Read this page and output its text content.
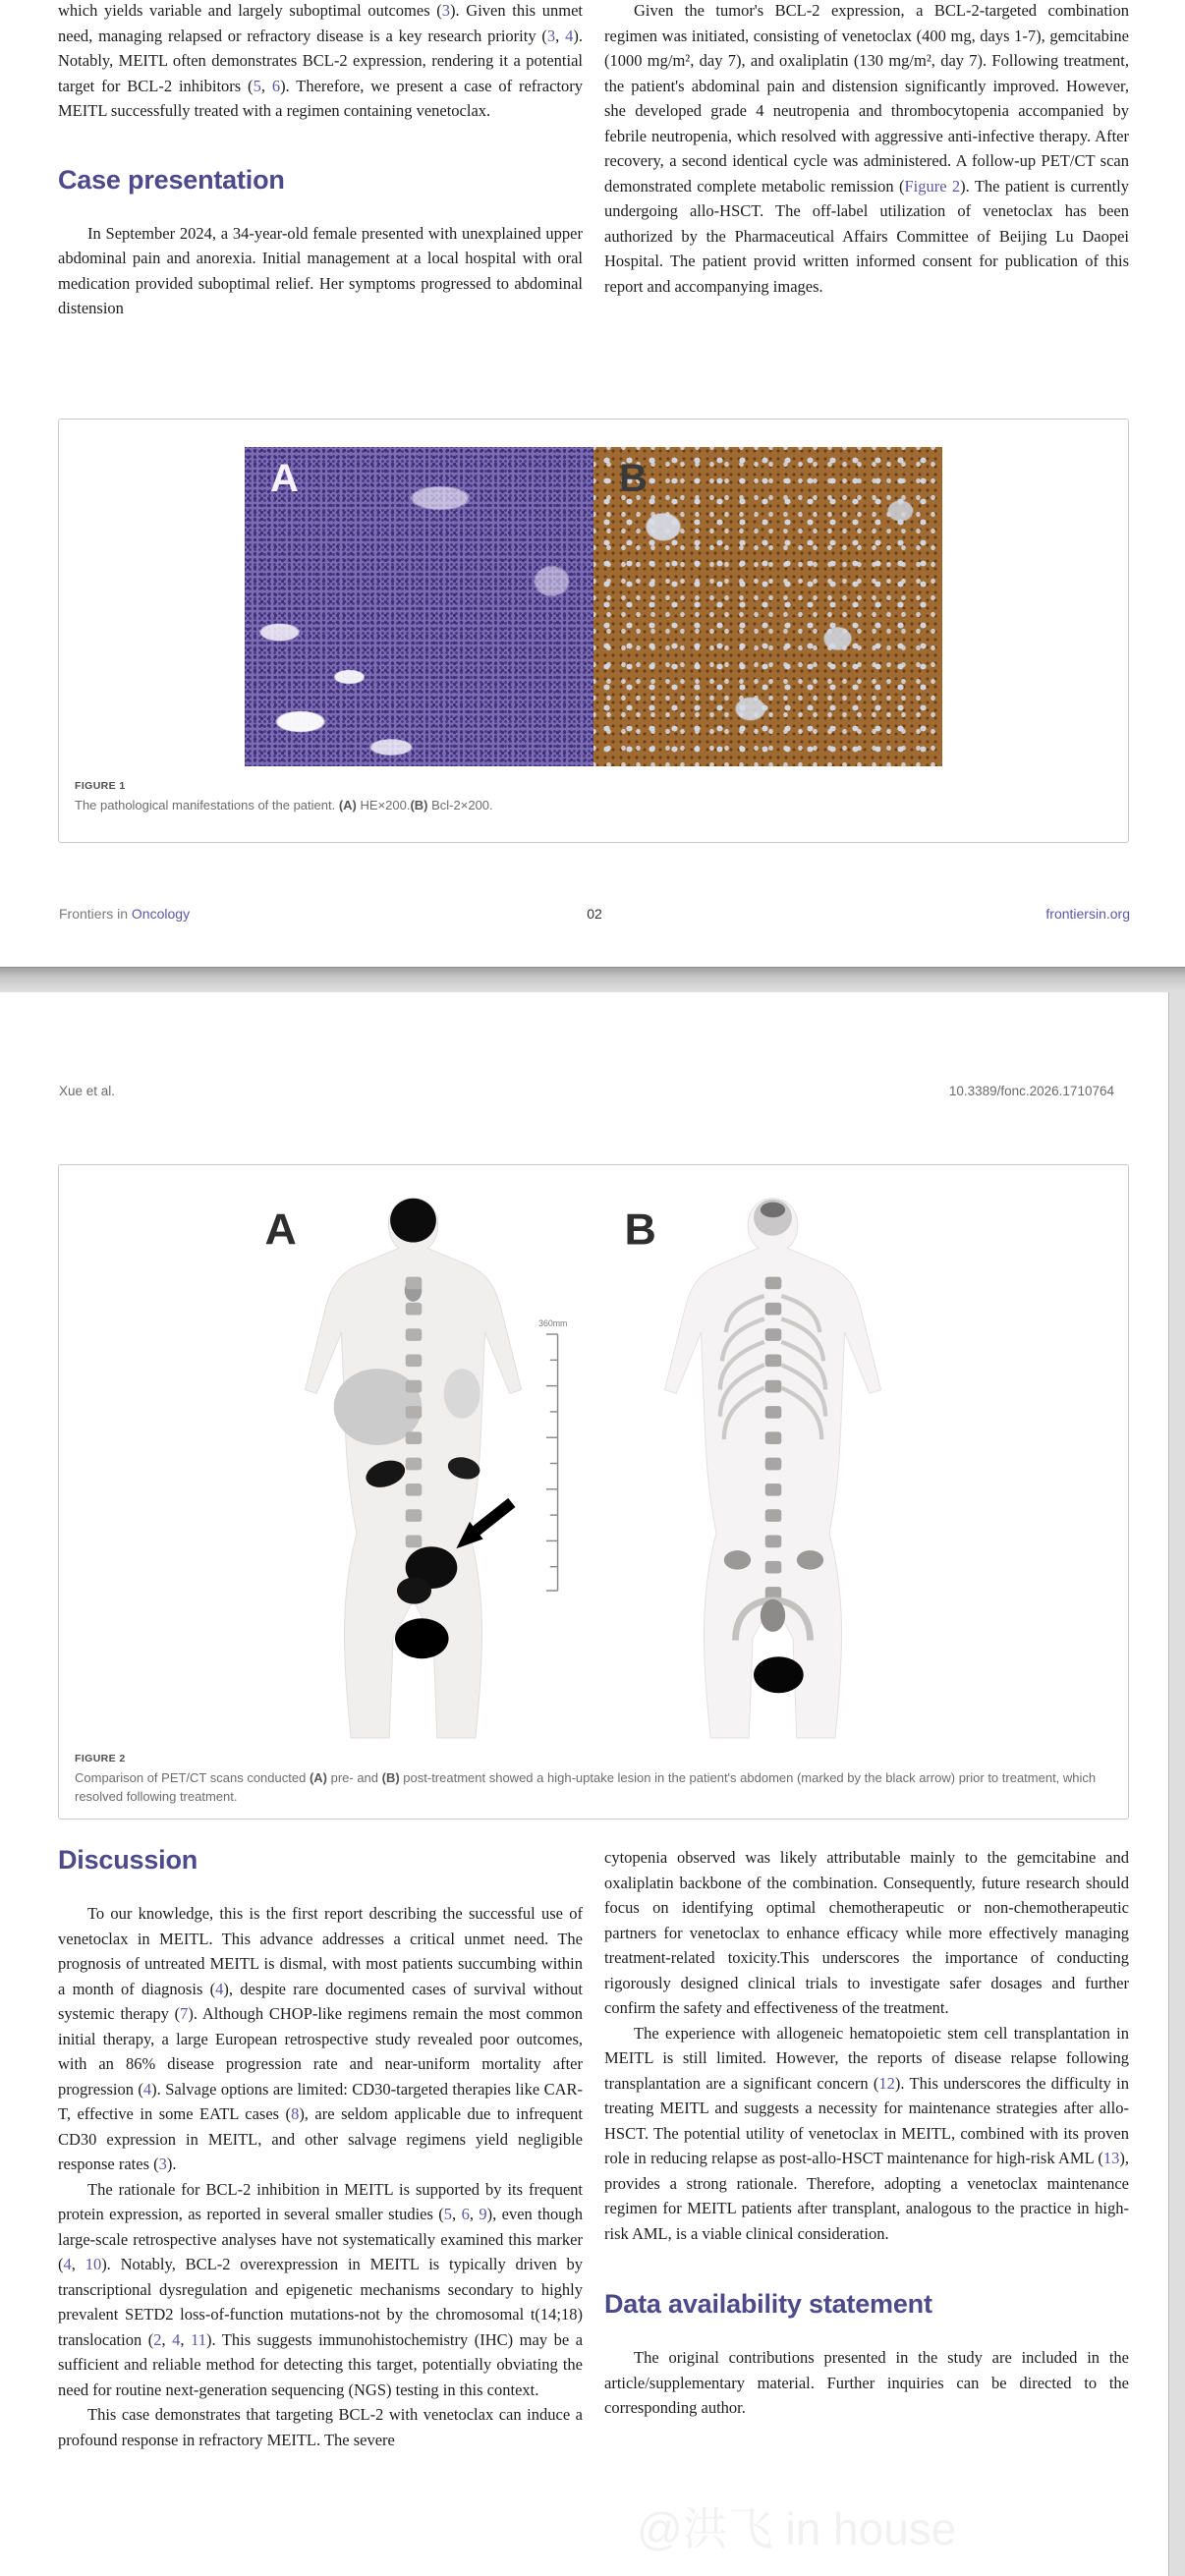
which yields variable and largely suboptimal outcomes (3). Given this unmet need, managing relapsed or refractory disease is a key research priority (3, 4). Notably, MEITL often demonstrates BCL-2 expression, rendering it a potential target for BCL-2 inhibitors (5, 6). Therefore, we present a case of refractory MEITL successfully treated with a regimen containing venetoclax.

Case presentation

In September 2024, a 34-year-old female presented with unexplained upper abdominal pain and anorexia. Initial management at a local hospital with oral medication provided suboptimal relief. Her symptoms progressed to abdominal distension

Given the tumor's BCL-2 expression, a BCL-2-targeted combination regimen was initiated, consisting of venetoclax (400 mg, days 1-7), gemcitabine (1000 mg/m², day 7), and oxaliplatin (130 mg/m², day 7). Following treatment, the patient's abdominal pain and distension significantly improved. However, she developed grade 4 neutropenia and thrombocytopenia accompanied by febrile neutropenia, which resolved with aggressive anti-infective therapy. After recovery, a second identical cycle was administered. A follow-up PET/CT scan demonstrated complete metabolic remission (Figure 2). The patient is currently undergoing allo-HSCT. The off-label utilization of venetoclax has been authorized by the Pharmaceutical Affairs Committee of Beijing Lu Daopei Hospital. The patient provid written informed consent for publication of this report and accompanying images.

A	B
FIGURE 1
The pathological manifestations of the patient. (A) HE×200.(B) Bcl-2×200.
Frontiers in Oncology	02	frontiersin.org
Xue et al.	10.3389/fonc.2026.1710764
360mm
A	B
FIGURE 2
Comparison of PET/CT scans conducted (A) pre- and (B) post-treatment showed a high-uptake lesion in the patient's abdomen (marked by the black arrow) prior to treatment, which resolved following treatment.
Discussion

To our knowledge, this is the first report describing the successful use of venetoclax in MEITL. This advance addresses a critical unmet need. The prognosis of untreated MEITL is dismal, with most patients succumbing within a month of diagnosis (4), despite rare documented cases of survival without systemic therapy (7). Although CHOP-like regimens remain the most common initial therapy, a large European retrospective study revealed poor outcomes, with an 86% disease progression rate and near-uniform mortality after progression (4). Salvage options are limited: CD30-targeted therapies like CAR-T, effective in some EATL cases (8), are seldom applicable due to infrequent CD30 expression in MEITL, and other salvage regimens yield negligible response rates (3).

The rationale for BCL-2 inhibition in MEITL is supported by its frequent protein expression, as reported in several smaller studies (5, 6, 9), even though large-scale retrospective analyses have not systematically examined this marker (4, 10). Notably, BCL-2 overexpression in MEITL is typically driven by transcriptional dysregulation and epigenetic mechanisms secondary to highly prevalent SETD2 loss-of-function mutations-not by the chromosomal t(14;18) translocation (2, 4, 11). This suggests immunohistochemistry (IHC) may be a sufficient and reliable method for detecting this target, potentially obviating the need for routine next-generation sequencing (NGS) testing in this context.

This case demonstrates that targeting BCL-2 with venetoclax can induce a profound response in refractory MEITL. The severe

cytopenia observed was likely attributable mainly to the gemcitabine and oxaliplatin backbone of the combination. Consequently, future research should focus on identifying optimal chemotherapeutic or non-chemotherapeutic partners for venetoclax to enhance efficacy while more effectively managing treatment-related toxicity.This underscores the importance of conducting rigorously designed clinical trials to investigate safer dosages and further confirm the safety and effectiveness of the treatment.

The experience with allogeneic hematopoietic stem cell transplantation in MEITL is still limited. However, the reports of disease relapse following transplantation are a significant concern (12). This underscores the difficulty in treating MEITL and suggests a necessity for maintenance strategies after allo-HSCT. The potential utility of venetoclax in MEITL, combined with its proven role in reducing relapse as post-allo-HSCT maintenance for high-risk AML (13), provides a strong rationale. Therefore, adopting a venetoclax maintenance regimen for MEITL patients after transplant, analogous to the practice in high-risk AML, is a viable clinical consideration.

Data availability statement

The original contributions presented in the study are included in the article/supplementary material. Further inquiries can be directed to the corresponding author.

@洪飞 in house
